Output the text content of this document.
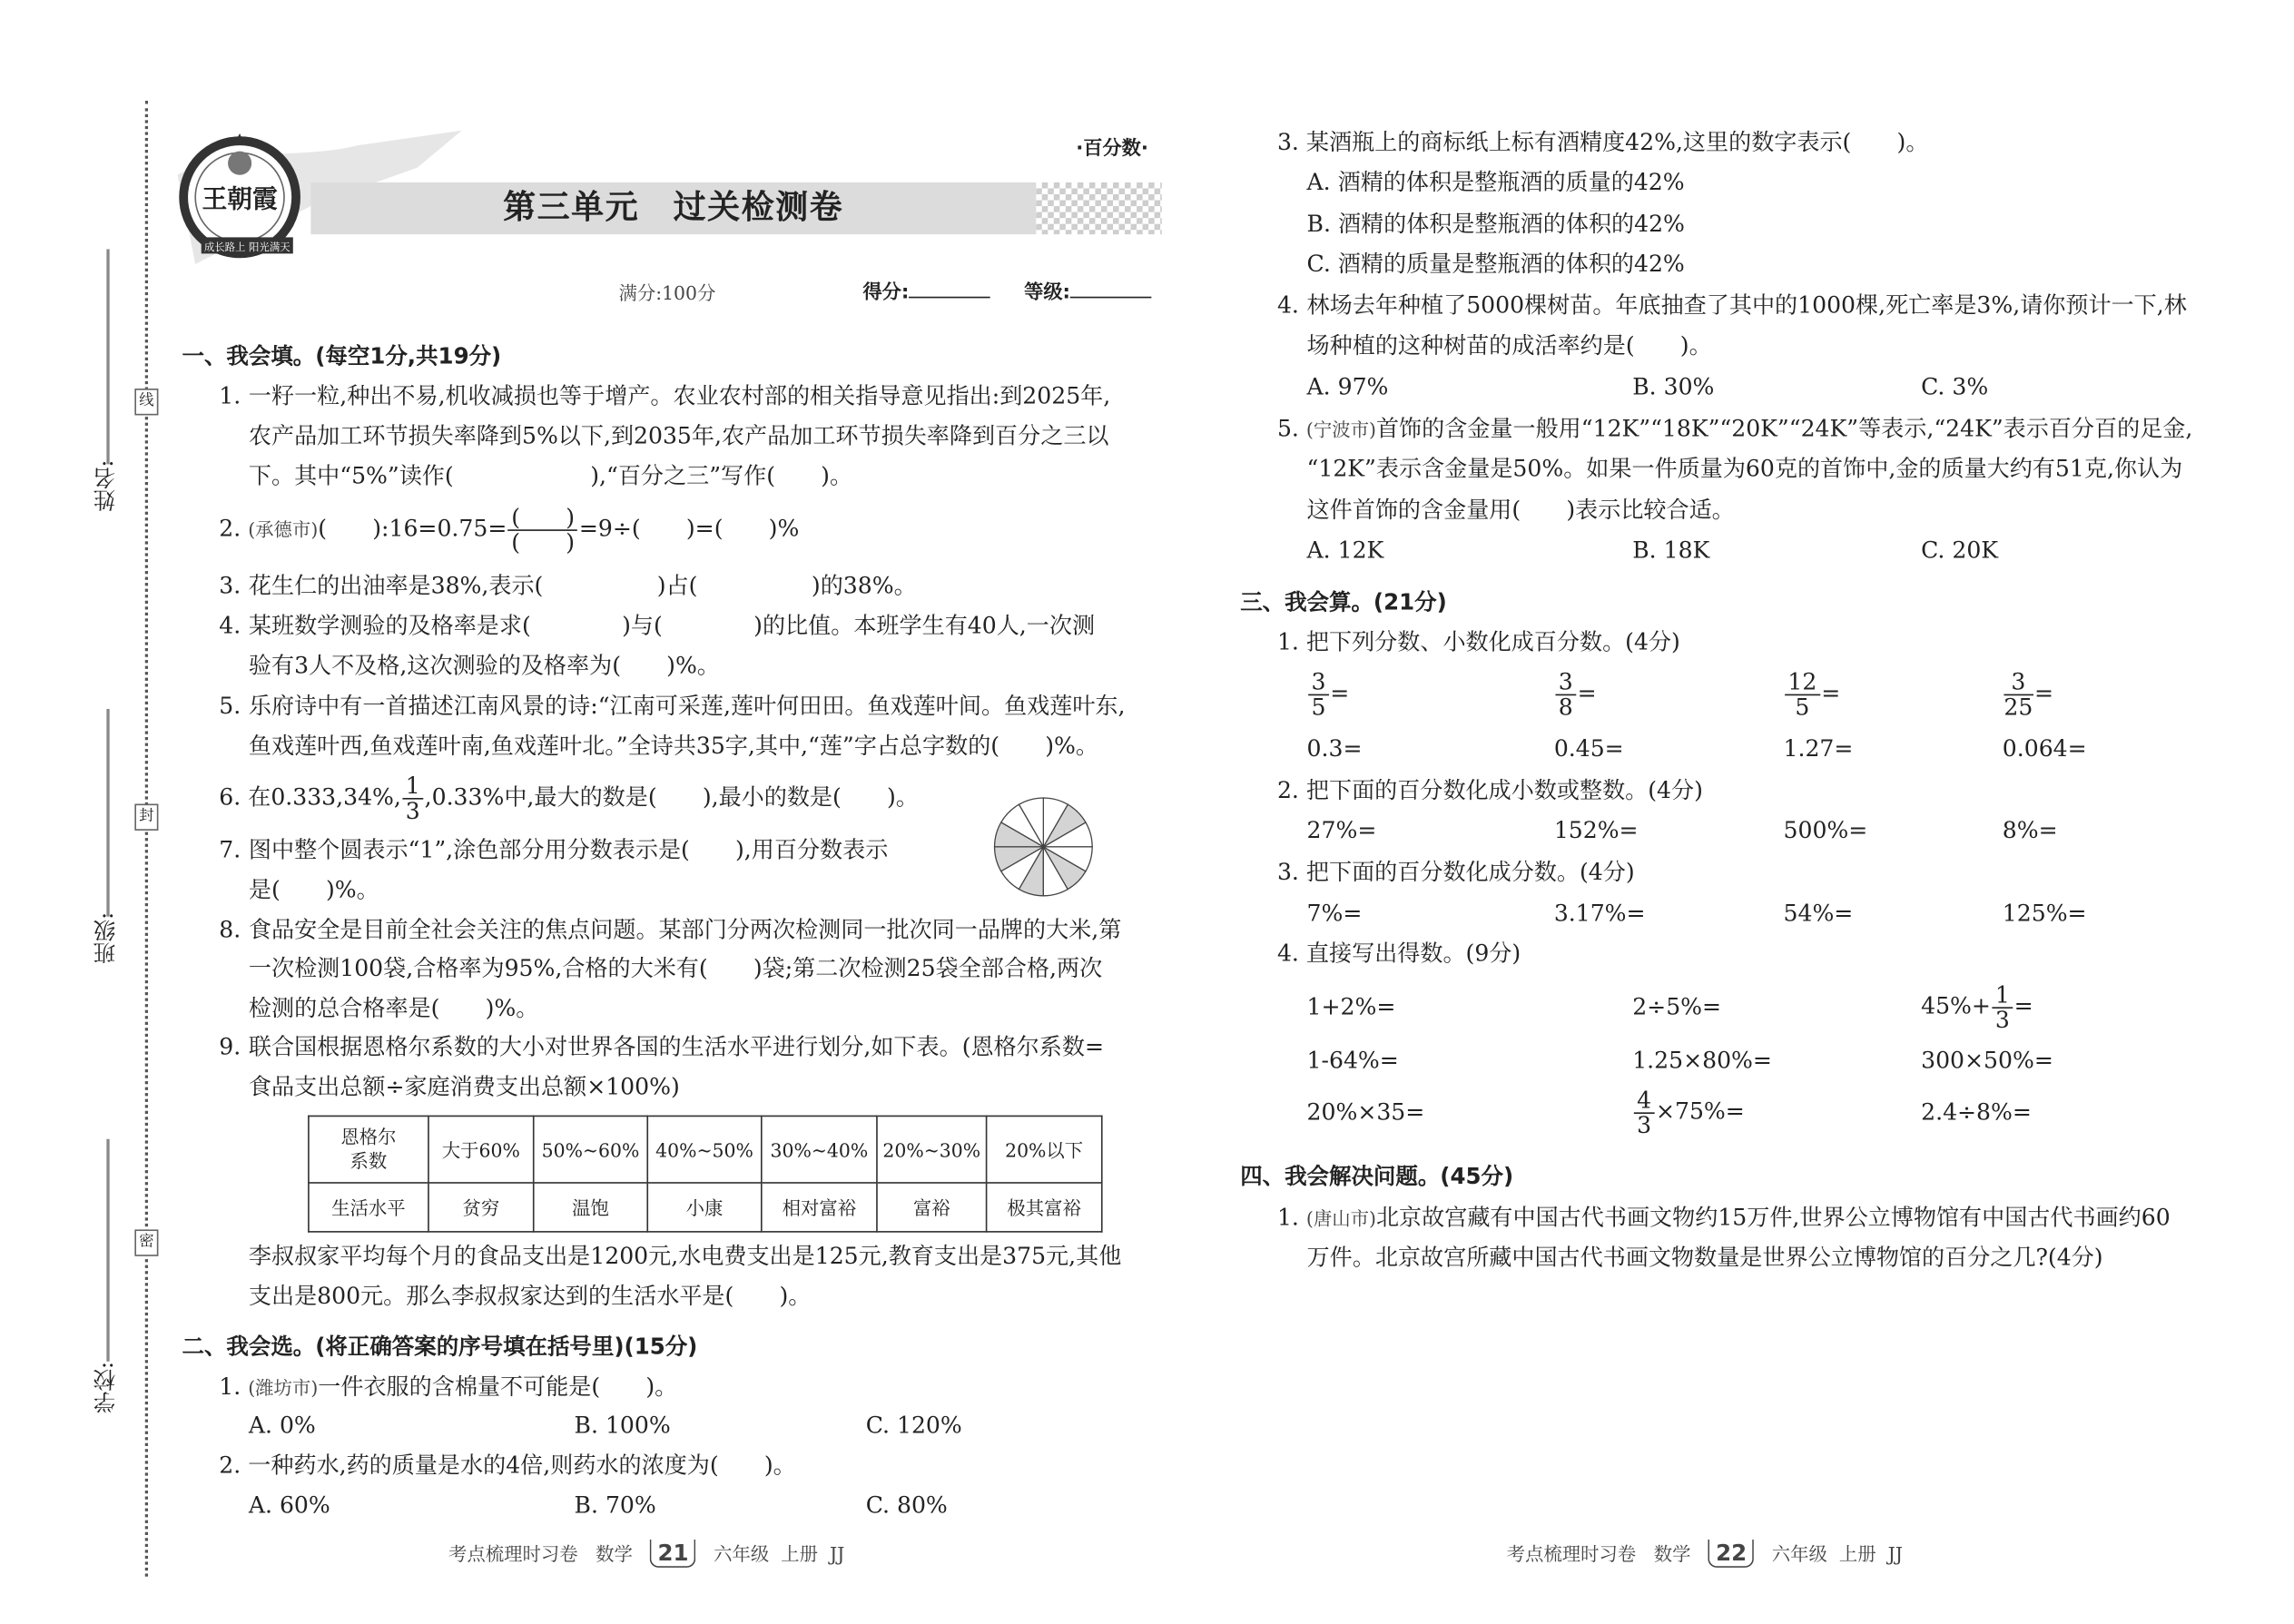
线
封
密
姓名:
班级:
学校:
王朝霞
成长路上 阳光满天
·百分数·
第三单元　过关检测卷
满分:100分	得分:	等级:
一、我会填。(每空1分,共19分)
1. 一籽一粒,种出不易,机收减损也等于增产。农业农村部的相关指导意见指出:到2025年,
农产品加工环节损失率降到5%以下,到2035年,农产品加工环节损失率降到百分之三以
下。其中“5%”读作(　　　　　　),“百分之三”写作(　　)。
2. (承德市)(　　):16=0.75= $\frac{( )}{( )} =9\div$(　　)=(　　)%
3. 花生仁的出油率是38%,表示(　　　　　)占(　　　　　)的38%。
4. 某班数学测验的及格率是求(　　　　)与(　　　　)的比值。本班学生有40人,一次测
验有3人不及格,这次测验的及格率为(　　)%。
5. 乐府诗中有一首描述江南风景的诗:“江南可采莲,莲叶何田田。鱼戏莲叶间。鱼戏莲叶东,
鱼戏莲叶西,鱼戏莲叶南,鱼戏莲叶北。”全诗共35字,其中,“莲”字占总字数的(　　)%。
6. 在0.333,34%, $\frac{1}{3} ,0.33\%$中,最大的数是(　　),最小的数是(　　)。
7. 图中整个圆表示“1”,涂色部分用分数表示是(　　),用百分数表示
是(　　)%。
8. 食品安全是目前全社会关注的焦点问题。某部门分两次检测同一批次同一品牌的大米,第
一次检测100袋,合格率为95%,合格的大米有(　　)袋;第二次检测25袋全部合格,两次
检测的总合格率是(　　)%。
9. 联合国根据恩格尔系数的大小对世界各国的生活水平进行划分,如下表。(恩格尔系数=
食品支出总额÷家庭消费支出总额×100%)
恩格尔
系数	大于60%	50%~60%	40%~50%	30%~40%	20%~30%	20%以下
生活水平	贫穷	温饱	小康	相对富裕	富裕	极其富裕
李叔叔家平均每个月的食品支出是1200元,水电费支出是125元,教育支出是375元,其他
支出是800元。那么李叔叔家达到的生活水平是(　　)。
二、我会选。(将正确答案的序号填在括号里)(15分)
1. (潍坊市)一件衣服的含棉量不可能是(　　)。
A. 0%	B. 100%	C. 120%
2. 一种药水,药的质量是水的4倍,则药水的浓度为(　　)。
A. 60%	B. 70%	C. 80%
考点梳理时习卷 数学 21 六年级 上册 JJ
3. 某酒瓶上的商标纸上标有酒精度42%,这里的数字表示(　　)。
A. 酒精的体积是整瓶酒的质量的42%
B. 酒精的体积是整瓶酒的体积的42%
C. 酒精的质量是整瓶酒的体积的42%
4. 林场去年种植了5000棵树苗。年底抽查了其中的1000棵,死亡率是3%,请你预计一下,林
场种植的这种树苗的成活率约是(　　)。
A. 97%	B. 30%	C. 3%
5. (宁波市)首饰的含金量一般用“12K”“18K”“20K”“24K”等表示,“24K”表示百分百的足金,
“12K”表示含金量是50%。如果一件质量为60克的首饰中,金的质量大约有51克,你认为
这件首饰的含金量用(　　)表示比较合适。
A. 12K	B. 18K	C. 20K
三、我会算。(21分)
1. 把下列分数、小数化成百分数。(4分)
$\frac{3}{5}$ =	$\frac{3}{8}$ =	$\frac{12}{5}$ =	$\frac{3}{25}$ =
0.3=	0.45=	1.27=	0.064=
2. 把下面的百分数化成小数或整数。(4分)
27%=	152%=	500%=	8%=
3. 把下面的百分数化成分数。(4分)
7%=	3.17%=	54%=	125%=
4. 直接写出得数。(9分)
1+2%=	2÷5%=	$45\%+ \frac{1}{3}$ =
1-64%=	1.25×80%=	300×50%=
20%×35=	$\frac{4}{3} \times 75\%=$	2.4÷8%=
四、我会解决问题。(45分)
1. (唐山市)北京故宫藏有中国古代书画文物约15万件,世界公立博物馆有中国古代书画约60
万件。北京故宫所藏中国古代书画文物数量是世界公立博物馆的百分之几?(4分)
考点梳理时习卷 数学 22 六年级 上册 JJ
